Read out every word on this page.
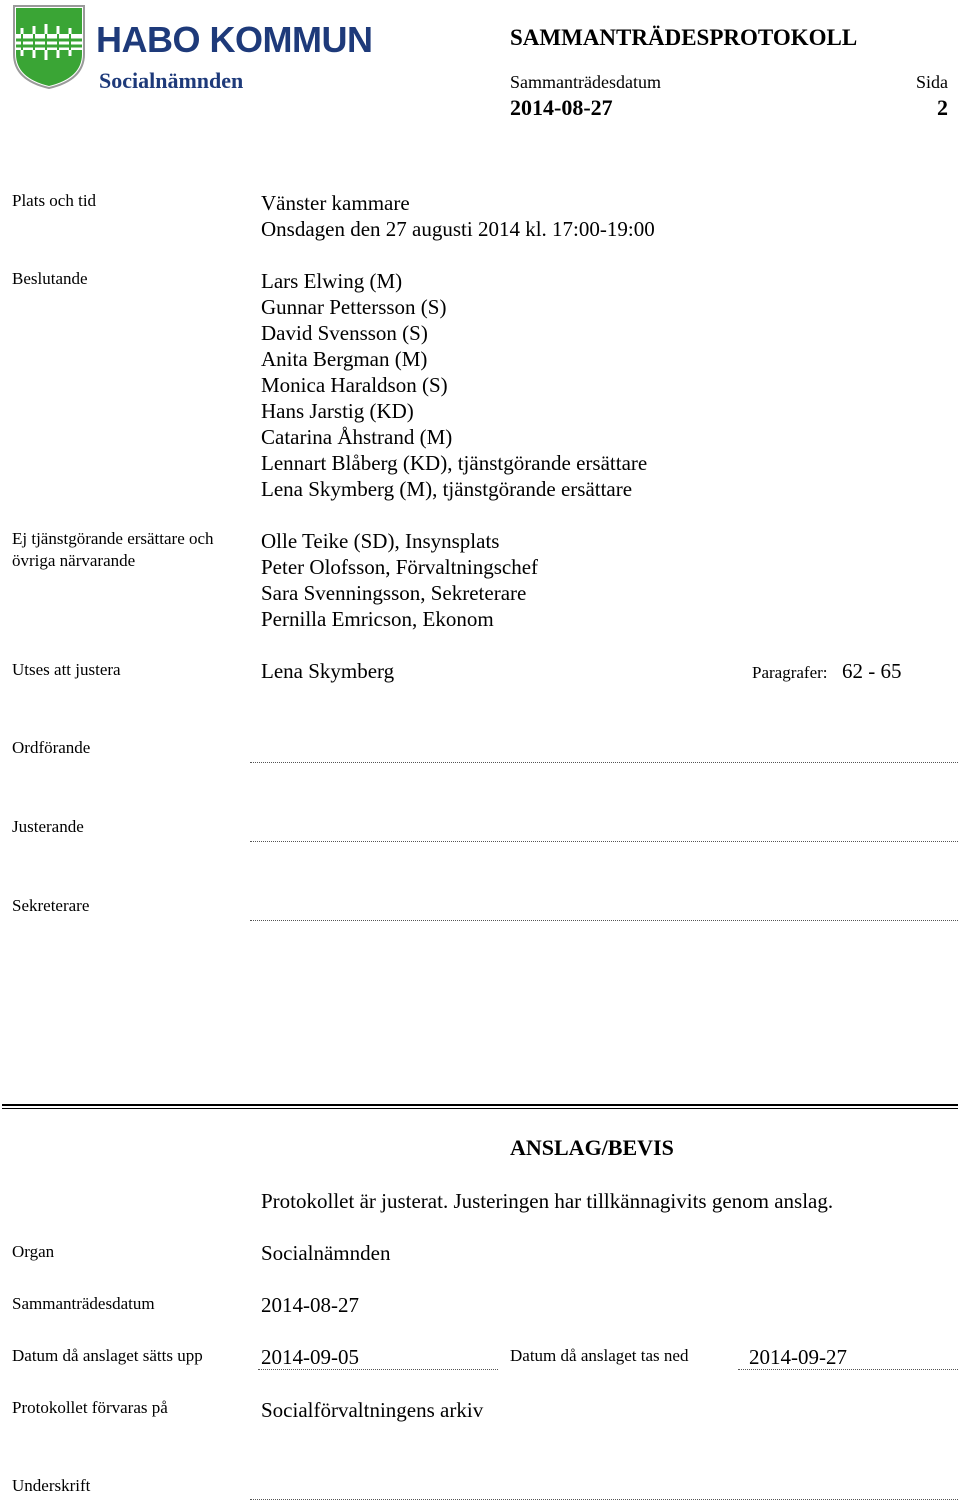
HABO KOMMUN
Socialnämnden
SAMMANTRÄDESPROTOKOLL
Sammanträdesdatum
2014-08-27
Sida
2
Plats och tid	Vänster kammare
Onsdagen den 27 augusti 2014 kl. 17:00-19:00
Beslutande	Lars Elwing (M)
Gunnar Pettersson (S)
David Svensson (S)
Anita Bergman (M)
Monica Haraldson (S)
Hans Jarstig (KD)
Catarina Åhstrand (M)
Lennart Blåberg (KD), tjänstgörande ersättare
Lena Skymberg (M), tjänstgörande ersättare
Ej tjänstgörande ersättare och
övriga närvarande
Olle Teike (SD), Insynsplats
Peter Olofsson, Förvaltningschef
Sara Svenningsson, Sekreterare
Pernilla Emricson, Ekonom
Utses att justera	Lena Skymberg	Paragrafer: 62 - 65
Ordförande
Justerande
Sekreterare
ANSLAG/BEVIS
Protokollet är justerat. Justeringen har tillkännagivits genom anslag.
Organ	Socialnämnden
Sammanträdesdatum	2014-08-27
Datum då anslaget sätts upp	2014-09-05	Datum då anslaget tas ned	2014-09-27
Protokollet förvaras på	Socialförvaltningens arkiv
Underskrift
